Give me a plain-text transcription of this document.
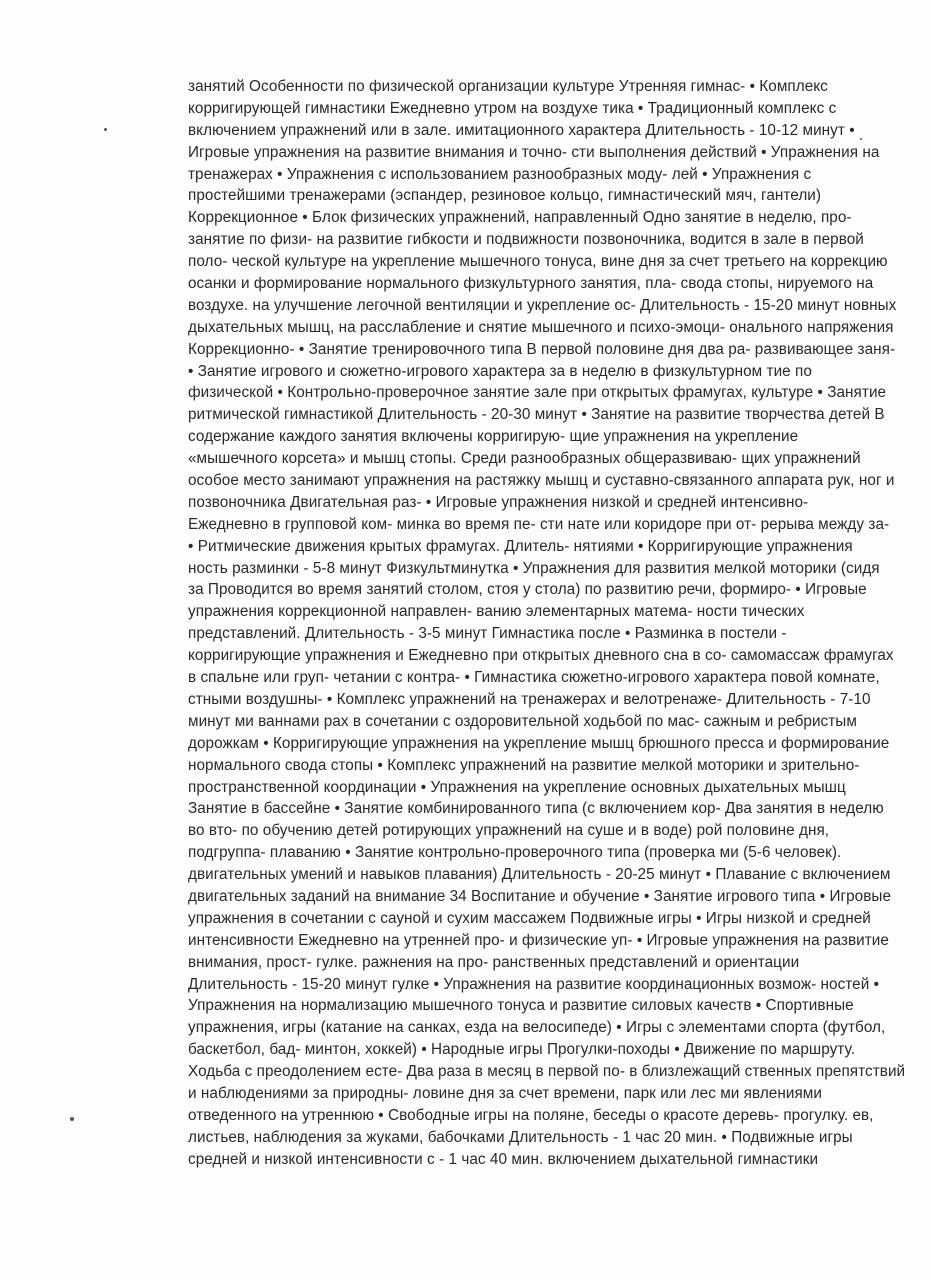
занятий Особенности по физической организации культуре Утренняя гимнас- • Комплекс
корригирующей гимнастики Ежедневно утром на воздухе тика • Традиционный комплекс с
включением упражнений или в зале. имитационного характера Длительность - 10-12 минут •
Игровые упражнения на развитие внимания и точно- сти выполнения действий • Упражнения на
тренажерах • Упражнения с использованием разнообразных моду- лей • Упражнения с
простейшими тренажерами (эспандер, резиновое кольцо, гимнастический мяч, гантели)
Коррекционное • Блок физических упражнений, направленный Одно занятие в неделю, про-
занятие по физи- на развитие гибкости и подвижности позвоночника, водится в зале в первой
поло- ческой культуре на укрепление мышечного тонуса, вине дня за счет третьего на коррекцию
осанки и формирование нормального физкультурного занятия, пла- свода стопы, нируемого на
воздухе. на улучшение легочной вентиляции и укрепление ос- Длительность - 15-20 минут новных
дыхательных мышц, на расслабление и снятие мышечного и психо-эмоци- онального напряжения
Коррекционно- • Занятие тренировочного типа В первой половине дня два ра- развивающее заня-
• Занятие игрового и сюжетно-игрового характера за в неделю в физкультурном тие по
физической • Контрольно-проверочное занятие зале при открытых фрамугах, культуре • Занятие
ритмической гимнастикой Длительность - 20-30 минут • Занятие на развитие творчества детей В
содержание каждого занятия включены корригирую- щие упражнения на укрепление
«мышечного корсета» и мышц стопы. Среди разнообразных общеразвиваю- щих упражнений
особое место занимают упражнения на растяжку мышц и суставно-связанного аппарата рук, ног и
позвоночника Двигательная раз- • Игровые упражнения низкой и средней интенсивно-
Ежедневно в групповой ком- минка во время пе- сти нате или коридоре при от- рерыва между за-
• Ритмические движения крытых фрамугах. Длитель- нятиями • Корригирующие упражнения
ность разминки - 5-8 минут Физкультминутка • Упражнения для развития мелкой моторики (сидя
за Проводится во время занятий столом, стоя у стола) по развитию речи, формиро- • Игровые
упражнения коррекционной направлен- ванию элементарных матема- ности тических
представлений. Длительность - 3-5 минут Гимнастика после • Разминка в постели -
корригирующие упражнения и Ежедневно при открытых дневного сна в со- самомассаж фрамугах
в спальне или груп- четании с контра- • Гимнастика сюжетно-игрового характера повой комнате,
стными воздушны- • Комплекс упражнений на тренажерах и велотренаже- Длительность - 7-10
минут ми ваннами рах в сочетании с оздоровительной ходьбой по мас- сажным и ребристым
дорожкам • Корригирующие упражнения на укрепление мышц брюшного пресса и формирование
нормального свода стопы • Комплекс упражнений на развитие мелкой моторики и зрительно-
пространственной координации • Упражнения на укрепление основных дыхательных мышц
Занятие в бассейне • Занятие комбинированного типа (с включением кор- Два занятия в неделю
во вто- по обучению детей ротирующих упражнений на суше и в воде) рой половине дня,
подгруппа- плаванию • Занятие контрольно-проверочного типа (проверка ми (5-6 человек).
двигательных умений и навыков плавания) Длительность - 20-25 минут • Плавание с включением
двигательных заданий на внимание 34 Воспитание и обучение • Занятие игрового типа • Игровые
упражнения в сочетании с сауной и сухим массажем Подвижные игры • Игры низкой и средней
интенсивности Ежедневно на утренней про- и физические уп- • Игровые упражнения на развитие
внимания, прост- гулке. ражнения на про- ранственных представлений и ориентации
Длительность - 15-20 минут гулке • Упражнения на развитие координационных возмож- ностей •
Упражнения на нормализацию мышечного тонуса и развитие силовых качеств • Спортивные
упражнения, игры (катание на санках, езда на велосипеде) • Игры с элементами спорта (футбол,
баскетбол, бад- минтон, хоккей) • Народные игры Прогулки-походы • Движение по маршруту.
Ходьба с преодолением есте- Два раза в месяц в первой по- в близлежащий ственных препятствий
и наблюдениями за природны- ловине дня за счет времени, парк или лес ми явлениями
отведенного на утреннюю • Свободные игры на поляне, беседы о красоте деревь- прогулку. ев,
листьев, наблюдения за жуками, бабочками Длительность - 1 час 20 мин. • Подвижные игры
средней и низкой интенсивности с - 1 час 40 мин. включением дыхательной гимнастики
